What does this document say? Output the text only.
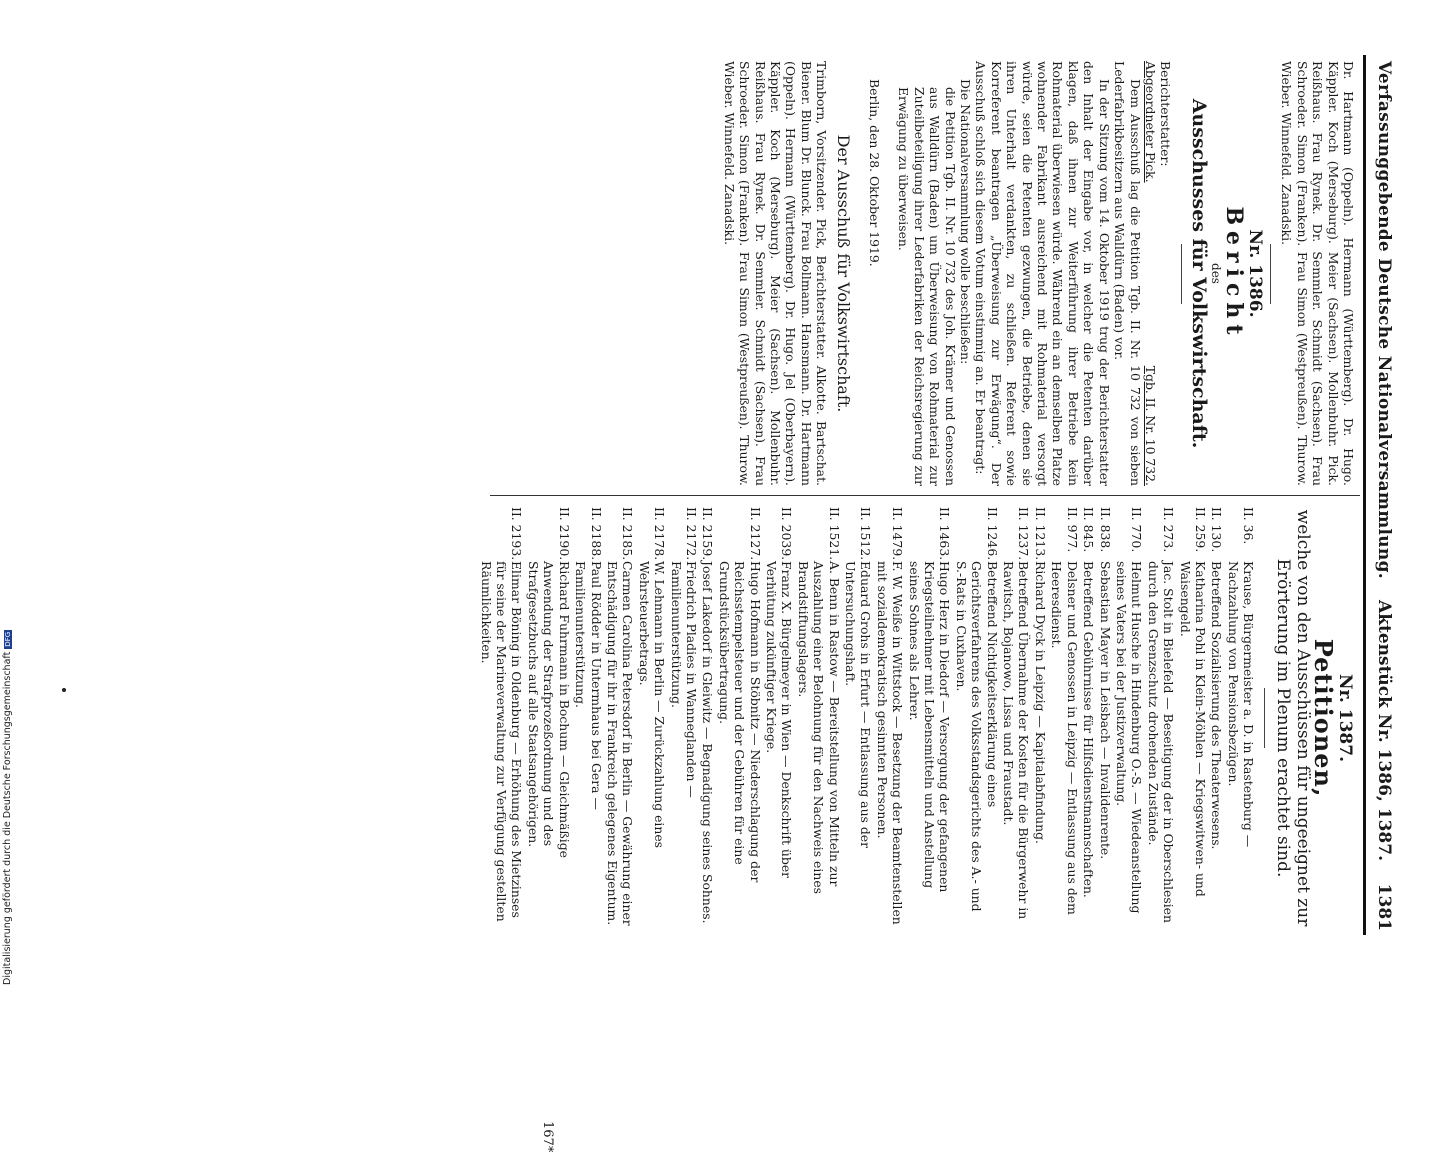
Digitalisierung gefördert durch die Deutsche ForschungsgemeinschaftDFG
Verfassunggebende Deutsche Nationalversammlung.
Aktenstück Nr. 1386, 1387.
1381

Dr. Hartmann (Oppeln). Hermann (Württemberg). Dr. Hugo. Käppler. Koch (Merseburg). Meier (Sachsen). Mollenbuhr. Pick. Reißhaus. Frau Rynek. Dr. Semmler. Schmidt (Sachsen). Frau Schroeder. Simon (Franken). Frau Simon (Westpreußen). Thurow. Wieber. Winnefeld. Zanadski.

Nr. 1386.
Bericht
des
Ausschusses für Volkswirtschaft.
Berichterstatter:
Abgeordneter Pick.
Tgb. II. Nr. 10 732.

Dem Ausschuß lag die Petition Tgb. II. Nr. 10 732 von sieben Lederfabrikbesitzern aus Walldürn (Baden) vor.

In der Sitzung vom 14. Oktober 1919 trug der Berichterstatter den Inhalt der Eingabe vor, in welcher die Petenten darüber klagen, daß ihnen zur Weiterführung ihrer Betriebe kein Rohmaterial überwiesen würde. Während ein an demselben Platze wohnender Fabrikant ausreichend mit Rohmaterial versorgt würde, seien die Petenten gezwungen, die Betriebe, denen sie ihren Unterhalt verdankten, zu schließen. Referent sowie Korreferent beantragen „Überweisung zur Erwägung“. Der Ausschuß schloß sich diesem Votum einstimmig an. Er beantragt:

Die Nationalversammlung wolle beschließen:

die Petition Tgb. II. Nr. 10 732 des Joh. Krämer und Genossen aus Walldürn (Baden) um Überweisung von Rohmaterial zur Zuteilbeteiligung ihrer Lederfabriken der Reichsregierung zur Erwägung zu überweisen.

Berlin, den 28. Oktober 1919.

Der Ausschuß für Volkswirtschaft.

Trimborn, Vorsitzender. Pick, Berichterstatter. Alkotte. Bartschat. Biener. Blum Dr. Blunck. Frau Bollmann. Hansmann. Dr. Hartmann (Oppeln). Hermann (Württemberg). Dr. Hugo. Jel (Oberbayern). Käppler. Koch (Merseburg). Meier (Sachsen). Mollenbuhr. Reißhaus. Frau Rynek. Dr. Semmler. Schmidt (Sachsen). Frau Schroeder. Simon (Franken). Frau Simon (Westpreußen). Thurow. Wieber. Winnefeld. Zanadski.

Nr. 1387.
Petitionen,
welche von den Ausschüssen für ungeeignet zur Erörterung im Plenum erachtet sind.
II. 36.
Krause, Bürgermeister a. D. in Rastenburg — Nachzahlung von Pensionsbezügen.
II. 130.
Betreffend Sozialisierung des Theaterwesens.
II. 259.
Katharina Pohl in Klein-Möhlen — Kriegswitwen- und Waisengeld.
II. 273.
Jac. Stolt in Bielefeld — Beseitigung der in Oberschlesien durch den Grenzschutz drohenden Zustände.
II. 770.
Helmut Husche in Hindenburg O.-S. — Wiedeanstellung seines Vaters bei der Justizverwaltung.
II. 838.
Sebastian Mayer in Leisbach — Invalidenrente.
II. 845.
Betreffend Gebührnisse für Hilfsdienstmannschaften.
II. 977.
Delsner und Genossen in Leipzig — Entlassung aus dem Heeresdienst.
II. 1213.
Richard Dyck in Leipzig — Kapitalabfindung.
II. 1237.
Betreffend Übernahme der Kosten für die Bürgerwehr in Rawitsch, Bojanowo, Lissa und Fraustadt.
II. 1246.
Betreffend Nichtigkeitserklärung eines Gerichtsverfahrens des Volksstandsgerichts des A.- und S.-Rats in Cuxhaven.
II. 1463.
Hugo Herz in Diedorf — Versorgung der gefangenen Kriegsteilnehmer mit Lebensmitteln und Anstellung seines Sohnes als Lehrer.
II. 1479.
F. W. Weiße in Wittstock — Besetzung der Beamtenstellen mit sozialdemokratisch gesinnten Personen.
II. 1512.
Eduard Grohs in Erfurt — Entlassung aus der Untersuchungshaft.
II. 1521.
A. Benn in Rastow — Bereitstellung von Mitteln zur Auszahlung einer Belohnung für den Nachweis eines Brandstiftungslagers.
II. 2039.
Franz X. Bürgelmeyer in Wien — Denkschrift über Verhütung zukünftiger Kriege.
II. 2127.
Hugo Hofmann in Stöbnitz — Niederschlagung der Reichsstempelsteuer und der Gebühren für eine Grundstücksübertragung.
II. 2159.
Josef Lakedorf in Gleiwitz — Begnadigung seines Sohnes.
II. 2172.
Friedrich Pladies in Wanneglanden — Familienunterstützung.
II. 2178.
W. Lehmann in Berlin — Zurückzahlung eines Wehrsteuerbetrags.
II. 2185.
Carmen Carolina Petersdorf in Berlin — Gewährung einer Entschädigung für ihr in Frankreich gelegenes Eigentum.
II. 2188.
Paul Rödder in Untermhaus bei Gera — Familienunterstützung.
II. 2190.
Richard Fuhrmann in Bochum — Gleichmäßige Anwendung der Strafprozeßordnung und des Strafgesetzbuchs auf alle Staatsangehörigen.
II. 2193.
Elimar Böning in Oldenburg — Erhöhung des Mietzinses für seine der Marineverwaltung zur Verfügung gestellten Räumlichkeiten.
167*
